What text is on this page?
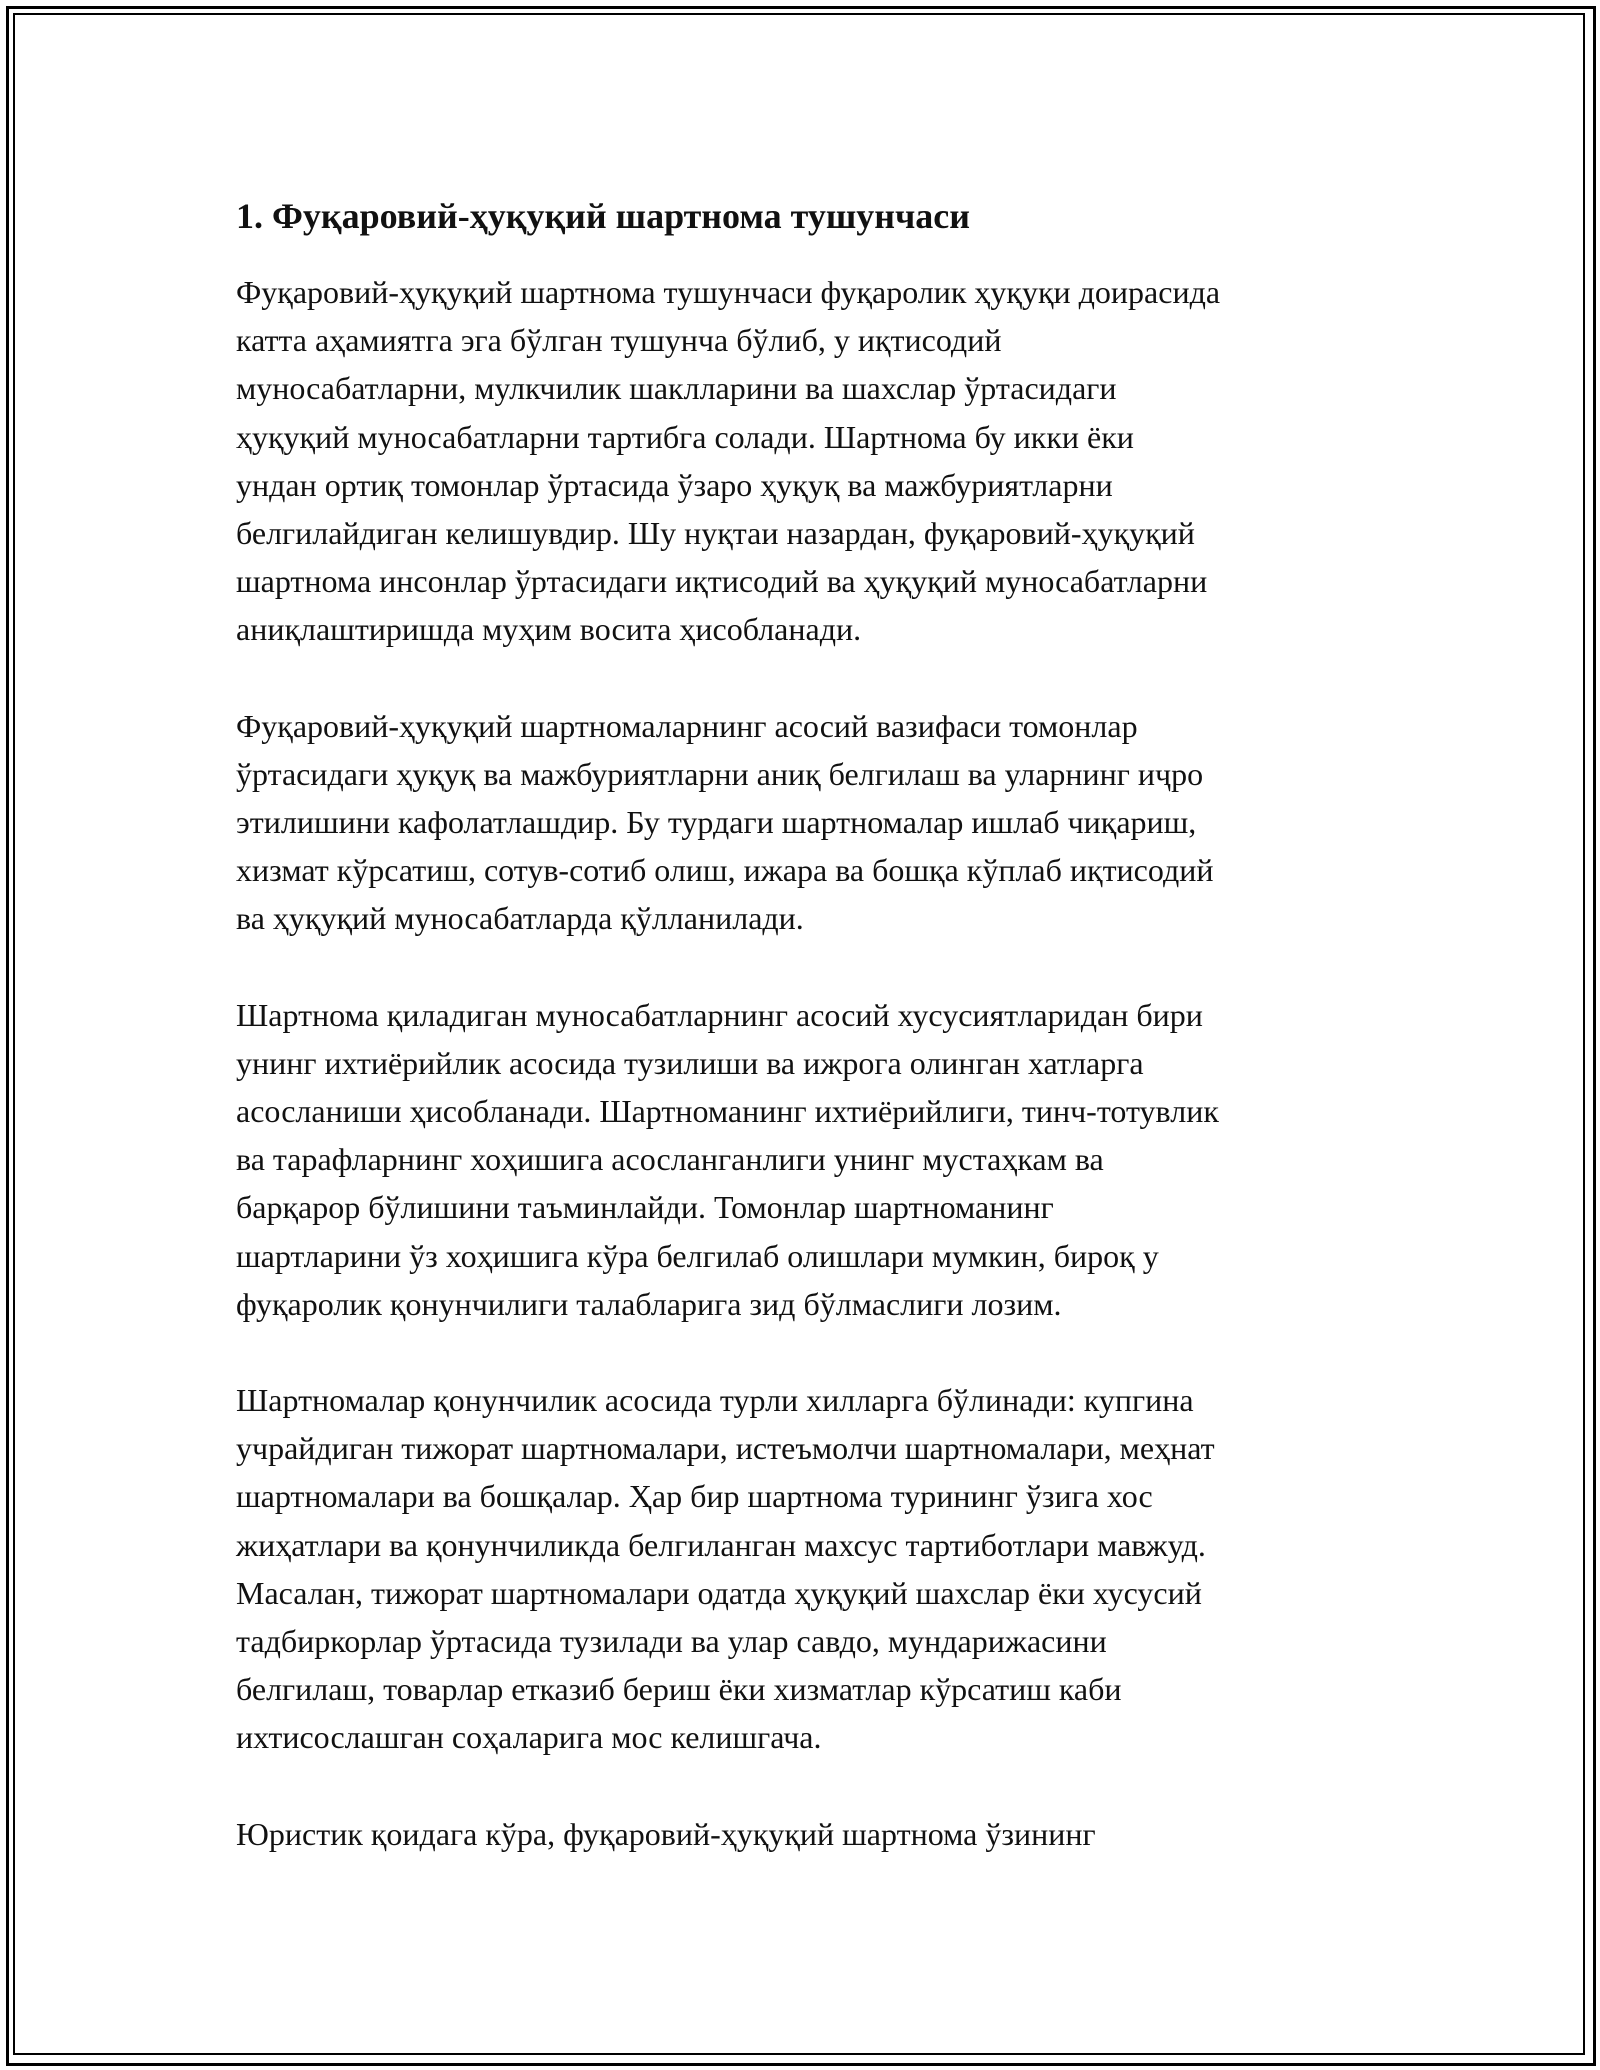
1. Фуқаровий-ҳуқуқий шартнома тушунчаси

Фуқаровий-ҳуқуқий шартнома тушунчаси фуқаролик ҳуқуқи доирасида
катта аҳамиятга эга бўлган тушунча бўлиб, у иқтисодий
муносабатларни, мулкчилик шаклларини ва шахслар ўртасидаги
ҳуқуқий муносабатларни тартибга солади. Шартнома бу икки ёки
ундан ортиқ томонлар ўртасида ўзаро ҳуқуқ ва мажбуриятларни
белгилайдиган келишувдир. Шу нуқтаи назардан, фуқаровий-ҳуқуқий
шартнома инсонлар ўртасидаги иқтисодий ва ҳуқуқий муносабатларни
аниқлаштиришда муҳим восита ҳисобланади.

Фуқаровий-ҳуқуқий шартномаларнинг асосий вазифаси томонлар
ўртасидаги ҳуқуқ ва мажбуриятларни аниқ белгилаш ва уларнинг иҷро
этилишини кафолатлашдир. Бу турдаги шартномалар ишлаб чиқариш,
хизмат кўрсатиш, сотув-сотиб олиш, ижара ва бошқа кўплаб иқтисодий
ва ҳуқуқий муносабатларда қўлланилади.

Шартнома қиладиган муносабатларнинг асосий хусусиятларидан бири
унинг ихтиёрийлик асосида тузилиши ва ижрога олинган хатларга
асосланиши ҳисобланади. Шартноманинг ихтиёрийлиги, тинч-тотувлик
ва тарафларнинг хоҳишига асосланганлиги унинг мустаҳкам ва
барқарор бўлишини таъминлайди. Томонлар шартноманинг
шартларини ўз хоҳишига кўра белгилаб олишлари мумкин, бироқ у
фуқаролик қонунчилиги талабларига зид бўлмаслиги лозим.

Шартномалар қонунчилик асосида турли хилларга бўлинади: купгина
учрайдиган тижорат шартномалари, истеъмолчи шартномалари, меҳнат
шартномалари ва бошқалар. Ҳар бир шартнома турининг ўзига хос
жиҳатлари ва қонунчиликда белгиланган махсус тартиботлари мавжуд.
Масалан, тижорат шартномалари одатда ҳуқуқий шахслар ёки хусусий
тадбиркорлар ўртасида тузилади ва улар савдо, мундарижасини
белгилаш, товарлар етказиб бериш ёки хизматлар кўрсатиш каби
ихтисослашган соҳаларига мос келишгача.

Юристик қоидага кўра, фуқаровий-ҳуқуқий шартнома ўзининг
